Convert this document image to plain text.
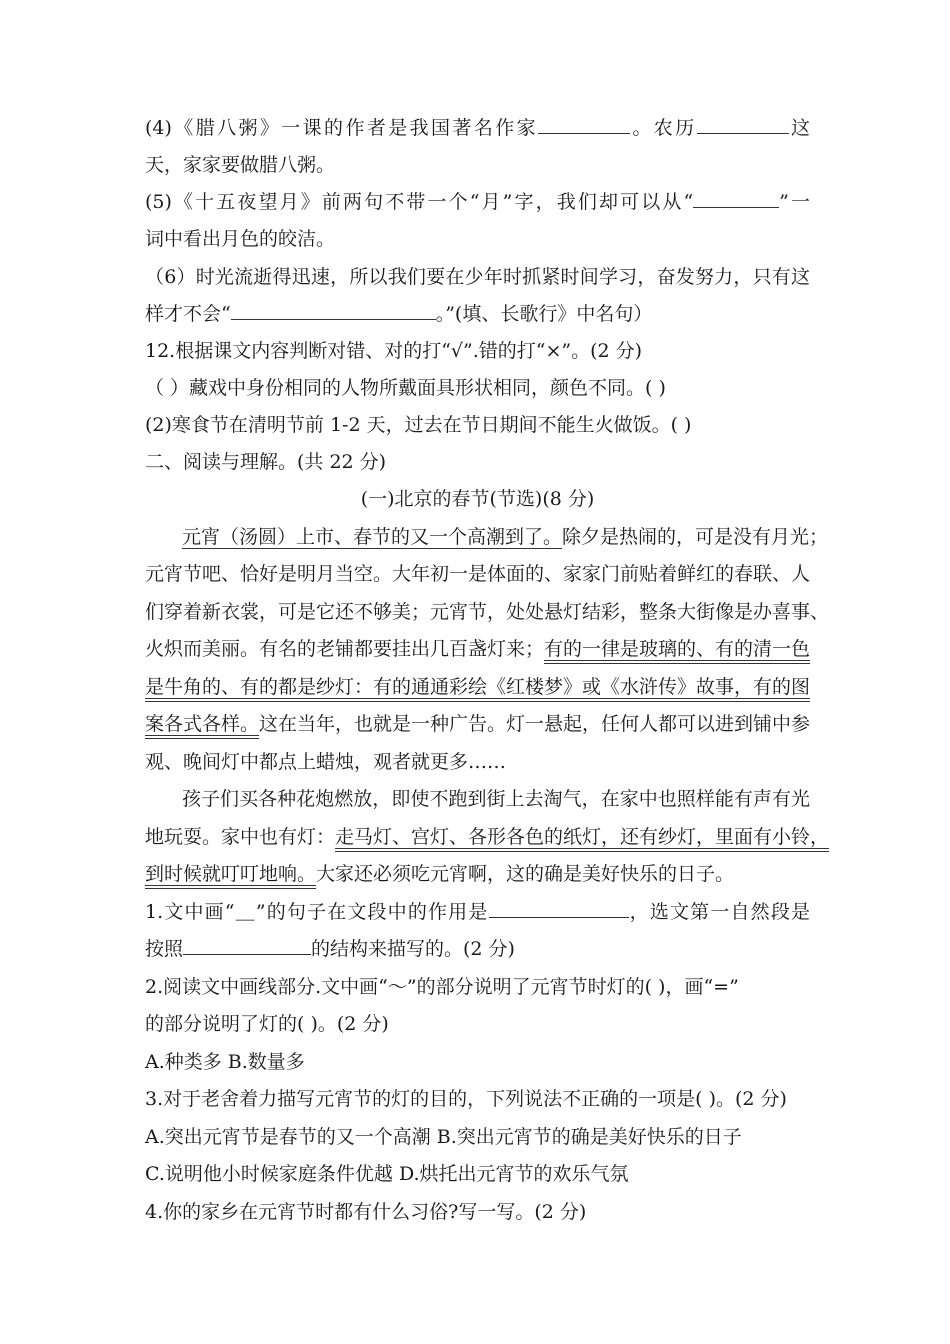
(4)《腊八粥》一课的作者是我国著名作家	。农历	这
天，家家要做腊八粥。
(5)《十五夜望月》前两句不带一个“月”字，我们却可以从“	”一
词中看出月色的皎洁。
（6）时光流逝得迅速，所以我们要在少年时抓紧时间学习，奋发努力，只有这
样才不会“	。”(填、长歌行》中名句）
12.根据课文内容判断对错、对的打“√”.错的打“×”。(2 分)
（ ）藏戏中身份相同的人物所戴面具形状相同，颜色不同。( )
(2)寒食节在清明节前 1-2 天，过去在节日期间不能生火做饭。( )
二、阅读与理解。(共 22 分)
(一)北京的春节(节选)(8 分)
元宵（汤圆）上市、春节的又一个高潮到了。除夕是热闹的，可是没有月光；
元宵节吧、恰好是明月当空。大年初一是体面的、家家门前贴着鲜红的春联、人
们穿着新衣裳，可是它还不够美；元宵节，处处悬灯结彩，整条大街像是办喜事、
火炽而美丽。有名的老铺都要挂出几百盏灯来；有的一律是玻璃的、有的清一色
是牛角的、有的都是纱灯：有的通通彩绘《红楼梦》或《水浒传》故事，有的图
案各式各样。这在当年，也就是一种广告。灯一悬起，任何人都可以进到铺中参
观、晚间灯中都点上蜡烛，观者就更多……
孩子们买各种花炮燃放，即使不跑到街上去淘气，在家中也照样能有声有光
地玩耍。家中也有灯：走马灯、宫灯、各形各色的纸灯，还有纱灯，里面有小铃，
到时候就叮叮地响。大家还必须吃元宵啊，这的确是美好快乐的日子。
1.文中画“＿”的句子在文段中的作用是	，选文第一自然段是
按照	的结构来描写的。(2 分)
2.阅读文中画线部分.文中画“～”的部分说明了元宵节时灯的( )，画“=”
的部分说明了灯的( )。(2 分)
A.种类多 B.数量多
3.对于老舍着力描写元宵节的灯的目的，下列说法不正确的一项是( )。(2 分)
A.突出元宵节是春节的又一个高潮 B.突出元宵节的确是美好快乐的日子
C.说明他小时候家庭条件优越 D.烘托出元宵节的欢乐气氛
4.你的家乡在元宵节时都有什么习俗?写一写。(2 分)
